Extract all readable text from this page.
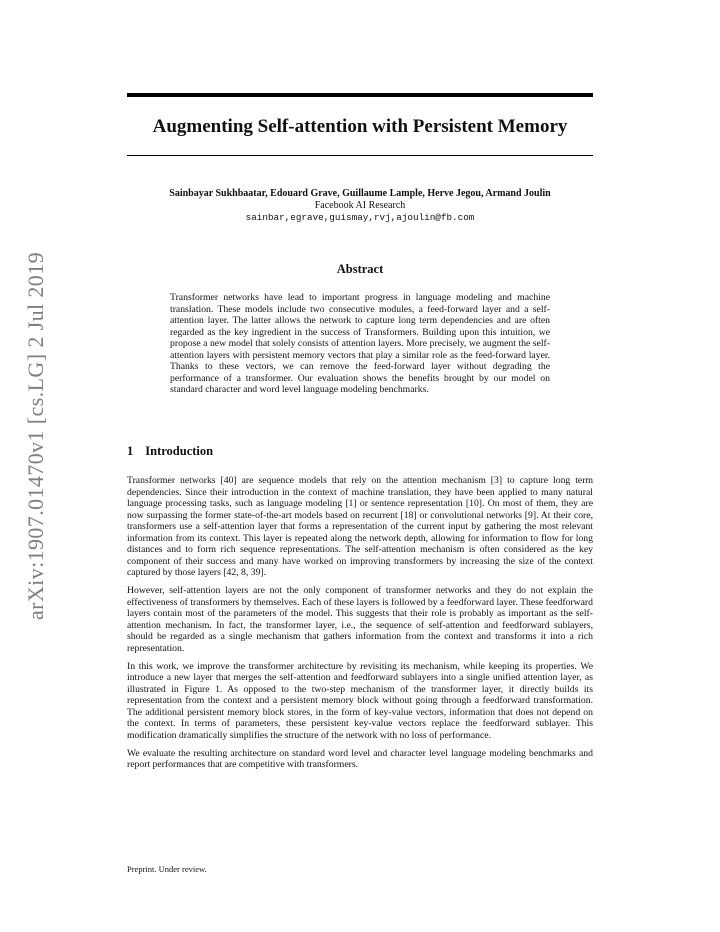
arXiv:1907.01470v1 [cs.LG] 2 Jul 2019
Augmenting Self-attention with Persistent Memory
Sainbayar Sukhbaatar, Edouard Grave, Guillaume Lample, Herve Jegou, Armand Joulin
Facebook AI Research
sainbar,egrave,guismay,rvj,ajoulin@fb.com
Abstract
Transformer networks have lead to important progress in language modeling and machine translation. These models include two consecutive modules, a feed-forward layer and a self-attention layer. The latter allows the network to capture long term dependencies and are often regarded as the key ingredient in the success of Transformers. Building upon this intuition, we propose a new model that solely consists of attention layers. More precisely, we augment the self-attention layers with persistent memory vectors that play a similar role as the feed-forward layer. Thanks to these vectors, we can remove the feed-forward layer without degrading the performance of a transformer. Our evaluation shows the benefits brought by our model on standard character and word level language modeling benchmarks.
1 Introduction

Transformer networks [40] are sequence models that rely on the attention mechanism [3] to capture long term dependencies. Since their introduction in the context of machine translation, they have been applied to many natural language processing tasks, such as language modeling [1] or sentence representation [10]. On most of them, they are now surpassing the former state-of-the-art models based on recurrent [18] or convolutional networks [9]. At their core, transformers use a self-attention layer that forms a representation of the current input by gathering the most relevant information from its context. This layer is repeated along the network depth, allowing for information to flow for long distances and to form rich sequence representations. The self-attention mechanism is often considered as the key component of their success and many have worked on improving transformers by increasing the size of the context captured by those layers [42, 8, 39].

However, self-attention layers are not the only component of transformer networks and they do not explain the effectiveness of transformers by themselves. Each of these layers is followed by a feedforward layer. These feedforward layers contain most of the parameters of the model. This suggests that their role is probably as important as the self-attention mechanism. In fact, the transformer layer, i.e., the sequence of self-attention and feedforward sublayers, should be regarded as a single mechanism that gathers information from the context and transforms it into a rich representation.

In this work, we improve the transformer architecture by revisiting its mechanism, while keeping its properties. We introduce a new layer that merges the self-attention and feedforward sublayers into a single unified attention layer, as illustrated in Figure 1. As opposed to the two-step mechanism of the transformer layer, it directly builds its representation from the context and a persistent memory block without going through a feedforward transformation. The additional persistent memory block stores, in the form of key-value vectors, information that does not depend on the context. In terms of parameters, these persistent key-value vectors replace the feedforward sublayer. This modification dramatically simplifies the structure of the network with no loss of performance.

We evaluate the resulting architecture on standard word level and character level language modeling benchmarks and report performances that are competitive with transformers.

Preprint. Under review.
